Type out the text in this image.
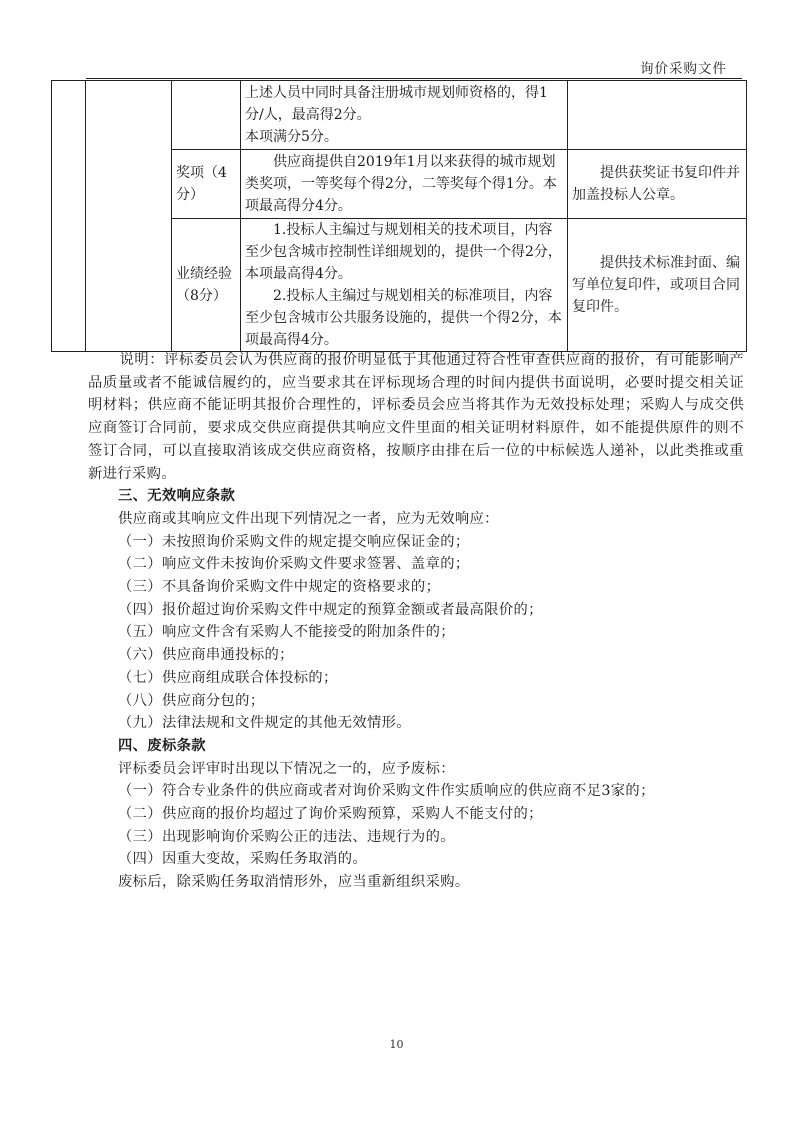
询价采购文件

			上述人员中同时具备注册城市规划师资格的，得1分/人，最高得2分。
本项满分5分。	

		奖项（4分）	供应商提供自2019年1月以来获得的城市规划类奖项，一等奖每个得2分，二等奖每个得1分。本项最高得分4分。	提供获奖证书复印件并加盖投标人公章。
		业绩经验（8分）	1.投标人主编过与规划相关的技术项目，内容至少包含城市控制性详细规划的，提供一个得2分，本项最高得4分。
2.投标人主编过与规划相关的标准项目，内容至少包含城市公共服务设施的，提供一个得2分，本项最高得4分。	提供技术标准封面、编写单位复印件，或项目合同复印件。

说明：评标委员会认为供应商的报价明显低于其他通过符合性审查供应商的报价，有可能影响产品质量或者不能诚信履约的，应当要求其在评标现场合理的时间内提供书面说明，必要时提交相关证明材料；供应商不能证明其报价合理性的，评标委员会应当将其作为无效投标处理；采购人与成交供应商签订合同前，要求成交供应商提供其响应文件里面的相关证明材料原件，如不能提供原件的则不签订合同，可以直接取消该成交供应商资格，按顺序由排在后一位的中标候选人递补，以此类推或重新进行采购。

三、无效响应条款

供应商或其响应文件出现下列情况之一者，应为无效响应：

（一）未按照询价采购文件的规定提交响应保证金的；

（二）响应文件未按询价采购文件要求签署、盖章的；

（三）不具备询价采购文件中规定的资格要求的；

（四）报价超过询价采购文件中规定的预算金额或者最高限价的；

（五）响应文件含有采购人不能接受的附加条件的；

（六）供应商串通投标的；

（七）供应商组成联合体投标的；

（八）供应商分包的；

（九）法律法规和文件规定的其他无效情形。

四、废标条款

评标委员会评审时出现以下情况之一的，应予废标：

（一）符合专业条件的供应商或者对询价采购文件作实质响应的供应商不足3家的；

（二）供应商的报价均超过了询价采购预算，采购人不能支付的；

（三）出现影响询价采购公正的违法、违规行为的。

（四）因重大变故，采购任务取消的。

废标后，除采购任务取消情形外，应当重新组织采购。

10
